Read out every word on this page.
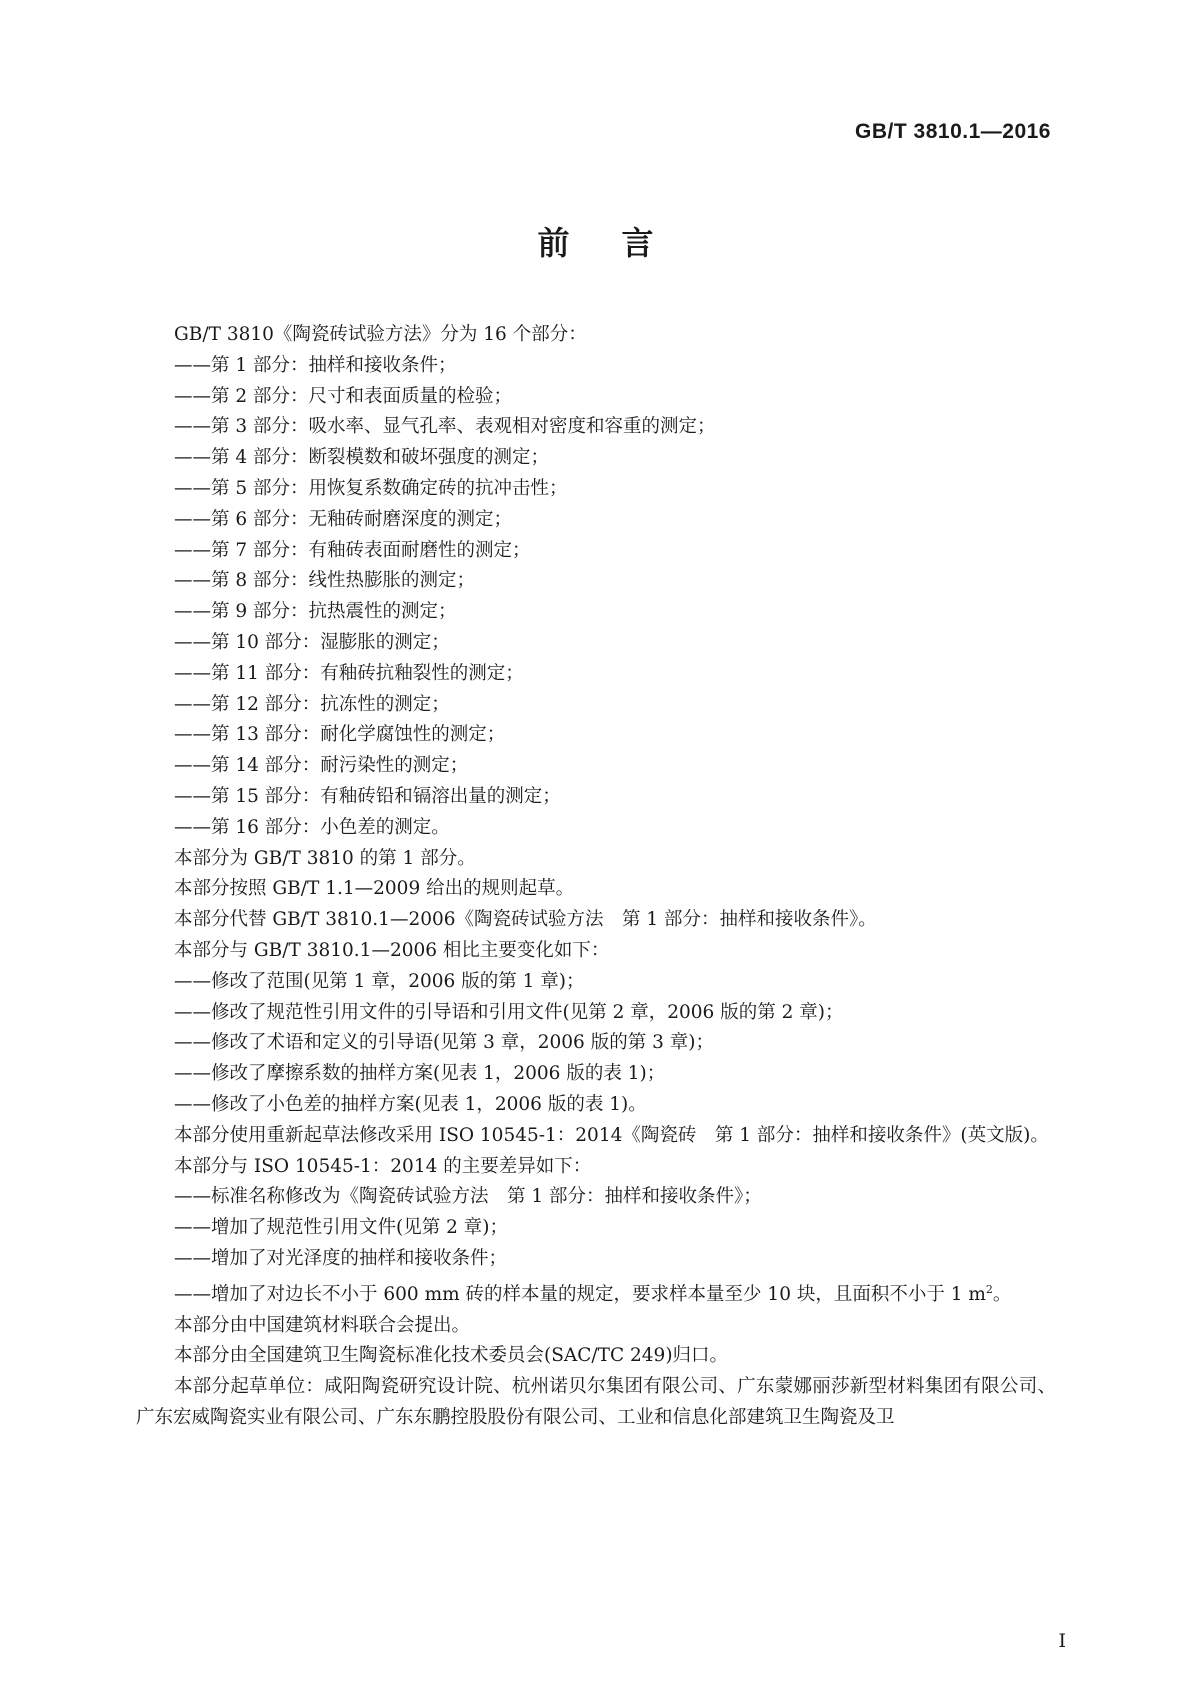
GB/T 3810.1—2016
前言

GB/T 3810《陶瓷砖试验方法》分为 16 个部分：

——第 1 部分：抽样和接收条件；

——第 2 部分：尺寸和表面质量的检验；

——第 3 部分：吸水率、显气孔率、表观相对密度和容重的测定；

——第 4 部分：断裂模数和破坏强度的测定；

——第 5 部分：用恢复系数确定砖的抗冲击性；

——第 6 部分：无釉砖耐磨深度的测定；

——第 7 部分：有釉砖表面耐磨性的测定；

——第 8 部分：线性热膨胀的测定；

——第 9 部分：抗热震性的测定；

——第 10 部分：湿膨胀的测定；

——第 11 部分：有釉砖抗釉裂性的测定；

——第 12 部分：抗冻性的测定；

——第 13 部分：耐化学腐蚀性的测定；

——第 14 部分：耐污染性的测定；

——第 15 部分：有釉砖铅和镉溶出量的测定；

——第 16 部分：小色差的测定。

本部分为 GB/T 3810 的第 1 部分。

本部分按照 GB/T 1.1—2009 给出的规则起草。

本部分代替 GB/T 3810.1—2006《陶瓷砖试验方法　第 1 部分：抽样和接收条件》。

本部分与 GB/T 3810.1—2006 相比主要变化如下：

——修改了范围(见第 1 章，2006 版的第 1 章)；

——修改了规范性引用文件的引导语和引用文件(见第 2 章，2006 版的第 2 章)；

——修改了术语和定义的引导语(见第 3 章，2006 版的第 3 章)；

——修改了摩擦系数的抽样方案(见表 1，2006 版的表 1)；

——修改了小色差的抽样方案(见表 1，2006 版的表 1)。

本部分使用重新起草法修改采用 ISO 10545-1：2014《陶瓷砖　第 1 部分：抽样和接收条件》(英文版)。

本部分与 ISO 10545-1：2014 的主要差异如下：

——标准名称修改为《陶瓷砖试验方法　第 1 部分：抽样和接收条件》；

——增加了规范性引用文件(见第 2 章)；

——增加了对光泽度的抽样和接收条件；

——增加了对边长不小于 600 mm 砖的样本量的规定，要求样本量至少 10 块，且面积不小于 1 $m^2$。

本部分由中国建筑材料联合会提出。

本部分由全国建筑卫生陶瓷标准化技术委员会(SAC/TC 249)归口。

本部分起草单位：咸阳陶瓷研究设计院、杭州诺贝尔集团有限公司、广东蒙娜丽莎新型材料集团有限公司、广东宏威陶瓷实业有限公司、广东东鹏控股股份有限公司、工业和信息化部建筑卫生陶瓷及卫

I
